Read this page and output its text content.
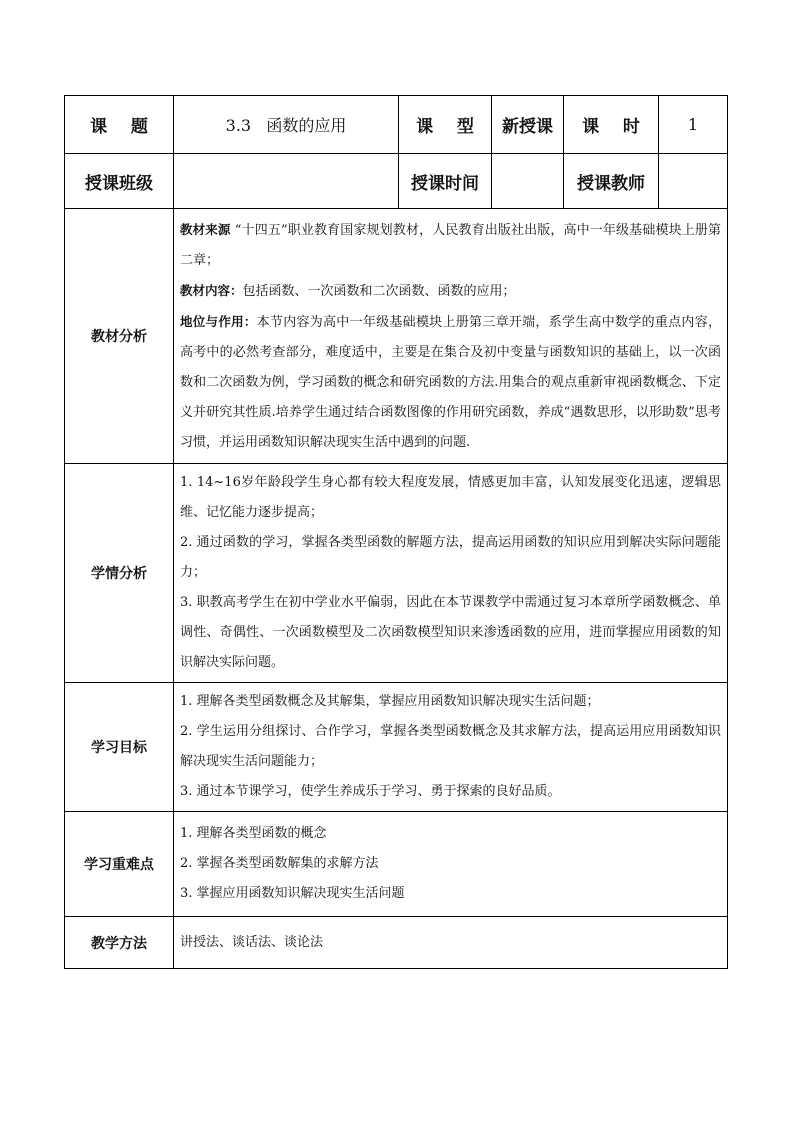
课    题	3.3   函数的应用	课    型	新授课	课    时	1
授课班级		授课时间		授课教师	
教材分析	教材来源 “十四五”职业教育国家规划教材，人民教育出版社出版，高中一年级基础模块上册第二章；

教材内容：包括函数、一次函数和二次函数、函数的应用；

地位与作用：本节内容为高中一年级基础模块上册第三章开端，系学生高中数学的重点内容，高考中的必然考查部分，难度适中，主要是在集合及初中变量与函数知识的基础上，以一次函数和二次函数为例，学习函数的概念和研究函数的方法.用集合的观点重新审视函数概念、下定义并研究其性质.培养学生通过结合函数图像的作用研究函数，养成“遇数思形，以形助数”思考习惯，并运用函数知识解决现实生活中遇到的问题.				

学情分析	1. 14~16岁年龄段学生身心都有较大程度发展，情感更加丰富，认知发展变化迅速，逻辑思维、记忆能力逐步提高；

2. 通过函数的学习，掌握各类型函数的解题方法，提高运用函数的知识应用到解决实际问题能力；

3. 职教高考学生在初中学业水平偏弱，因此在本节课教学中需通过复习本章所学函数概念、单调性、奇偶性、一次函数模型及二次函数模型知识来渗透函数的应用，进而掌握应用函数的知识解决实际问题。				

学习目标	1. 理解各类型函数概念及其解集，掌握应用函数知识解决现实生活问题；

2. 学生运用分组探讨、合作学习，掌握各类型函数概念及其求解方法，提高运用应用函数知识解决现实生活问题能力；

3. 通过本节课学习，使学生养成乐于学习、勇于探索的良好品质。				

学习重难点	1. 理解各类型函数的概念

2. 掌握各类型函数解集的求解方法

3. 掌握应用函数知识解决现实生活问题				

教学方法	讲授法、谈话法、谈论法				
